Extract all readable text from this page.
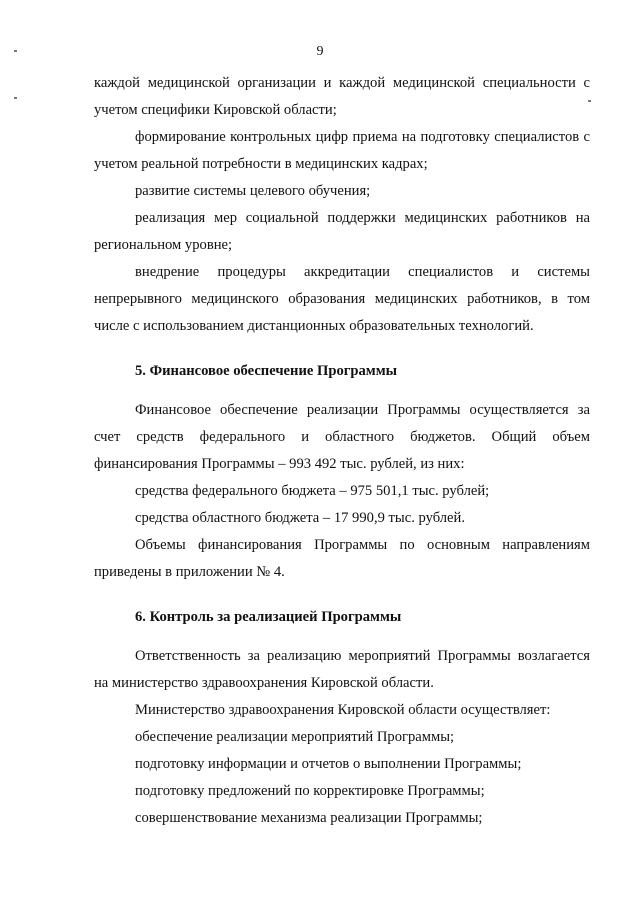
9

каждой медицинской организации и каждой медицинской специальности с учетом специфики Кировской области;

формирование контрольных цифр приема на подготовку специалистов с учетом реальной потребности в медицинских кадрах;

развитие системы целевого обучения;

реализация мер социальной поддержки медицинских работников на региональном уровне;

внедрение процедуры аккредитации специалистов и системы непрерывного медицинского образования медицинских работников, в том числе с использованием дистанционных образовательных технологий.

5. Финансовое обеспечение Программы

Финансовое обеспечение реализации Программы осуществляется за счет средств федерального и областного бюджетов. Общий объем финансирования Программы – 993 492 тыс. рублей, из них:

средства федерального бюджета – 975 501,1 тыс. рублей;

средства областного бюджета – 17 990,9 тыс. рублей.

Объемы финансирования Программы по основным направлениям приведены в приложении № 4.

6. Контроль за реализацией Программы

Ответственность за реализацию мероприятий Программы возлагается на министерство здравоохранения Кировской области.

Министерство здравоохранения Кировской области осуществляет:

обеспечение реализации мероприятий Программы;

подготовку информации и отчетов о выполнении Программы;

подготовку предложений по корректировке Программы;

совершенствование механизма реализации Программы;
